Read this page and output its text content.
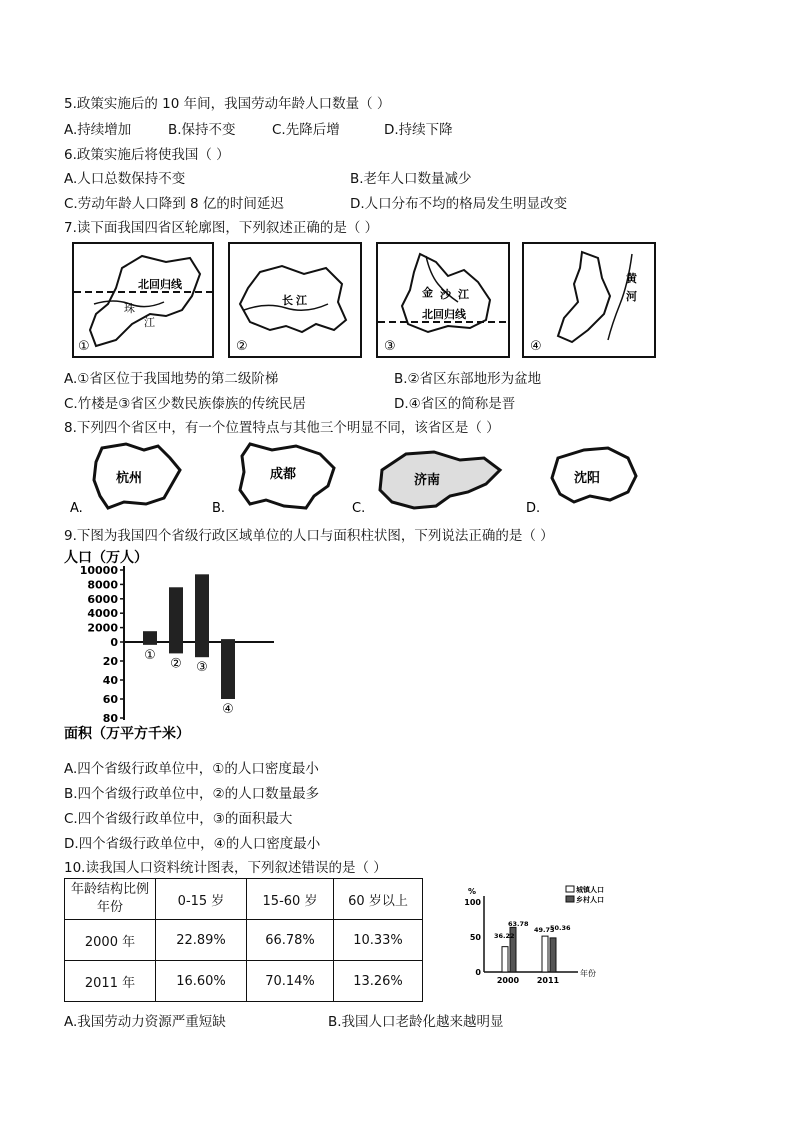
5.政策实施后的 10 年间，我国劳动年龄人口数量（ ）
A.持续增加	B.保持不变	C.先降后增	D.持续下降
6.政策实施后将使我国（ ）
A.人口总数保持不变	B.老年人口数量减少
C.劳动年龄人口降到 8 亿的时间延迟	D.人口分布不均的格局发生明显改变
7.读下面我国四省区轮廓图，下列叙述正确的是（ ）
北回归线
珠
江
①
长 江
②
金 沙 江
北回归线
③
黄
河
④
A.①省区位于我国地势的第二级阶梯	B.②省区东部地形为盆地
C.竹楼是③省区少数民族傣族的传统民居	D.④省区的简称是晋
8.下列四个省区中，有一个位置特点与其他三个明显不同，该省区是（ ）
杭州
A.
成都
B.
济南
C.
沈阳
D.
9.下图为我国四个省级行政区域单位的人口与面积柱状图，下列说法正确的是（ ）
人口（万人）
面积（万平方千米）
10000
8000
6000
4000
2000
0
20
40
60
80
①
② ③
④
A.四个省级行政单位中，①的人口密度最小
B.四个省级行政单位中，②的人口数量最多
C.四个省级行政单位中，③的面积最大
D.四个省级行政单位中，④的人口密度最小
10.读我国人口资料统计图表，下列叙述错误的是（ ）
年龄结构比例年份	0-15 岁	15-60 岁	60 岁以上
2000 年	22.89%	66.78%	10.33%
2011 年	16.60%	70.14%	13.26%
%
年份
100
50
0
2000 2011
36.22
63.78
49.73
50.36
城镇人口
乡村人口
A.我国劳动力资源严重短缺	B.我国人口老龄化越来越明显
